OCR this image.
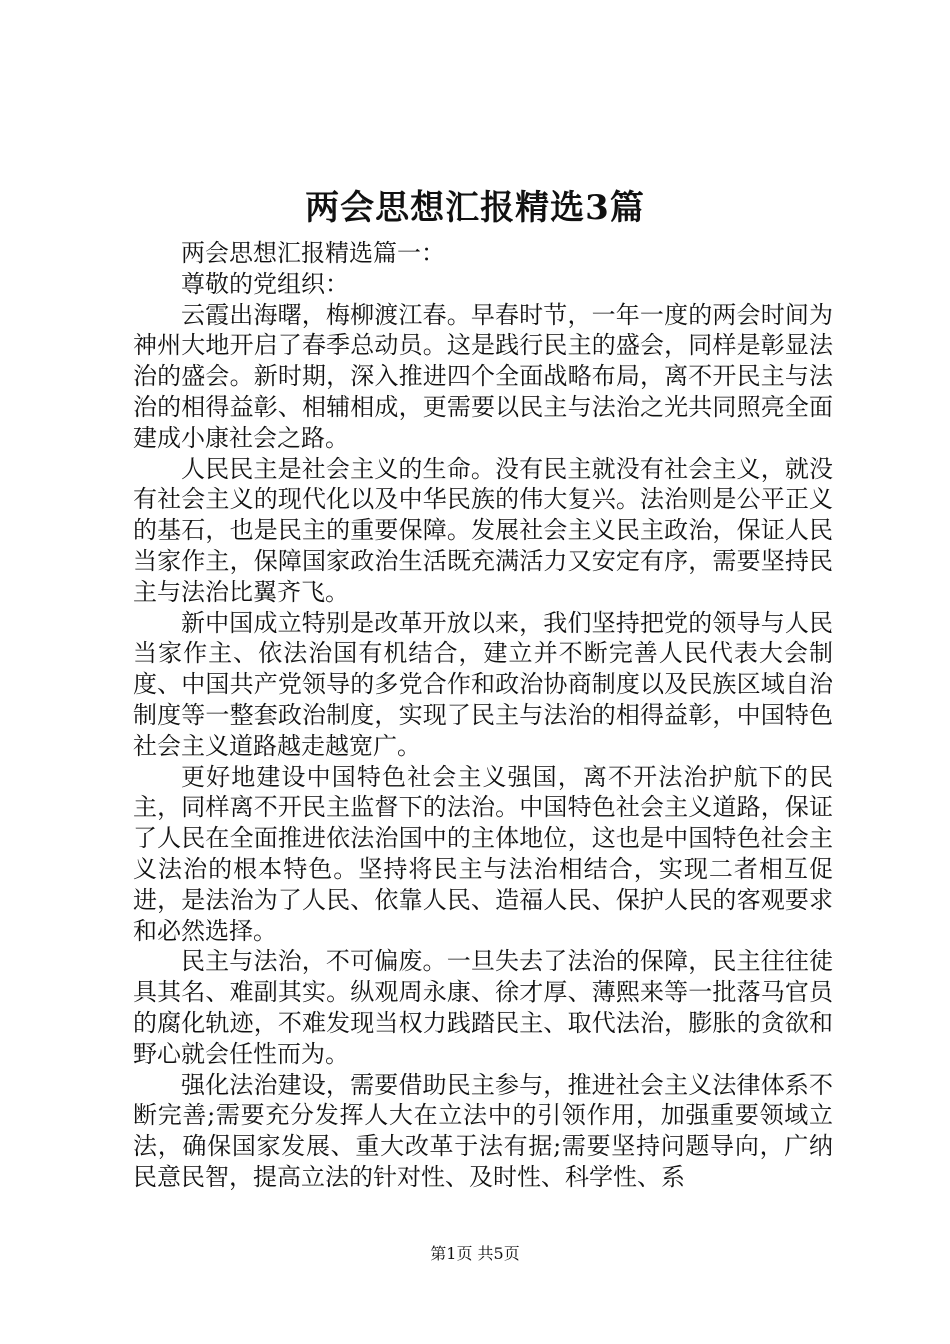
两会思想汇报精选3篇

两会思想汇报精选篇一：

尊敬的党组织：

云霞出海曙，梅柳渡江春。早春时节，一年一度的两会时间为神州大地开启了春季总动员。这是践行民主的盛会，同样是彰显法治的盛会。新时期，深入推进四个全面战略布局，离不开民主与法治的相得益彰、相辅相成，更需要以民主与法治之光共同照亮全面建成小康社会之路。

人民民主是社会主义的生命。没有民主就没有社会主义，就没有社会主义的现代化以及中华民族的伟大复兴。法治则是公平正义的基石，也是民主的重要保障。发展社会主义民主政治，保证人民当家作主，保障国家政治生活既充满活力又安定有序，需要坚持民主与法治比翼齐飞。

新中国成立特别是改革开放以来，我们坚持把党的领导与人民当家作主、依法治国有机结合，建立并不断完善人民代表大会制度、中国共产党领导的多党合作和政治协商制度以及民族区域自治制度等一整套政治制度，实现了民主与法治的相得益彰，中国特色社会主义道路越走越宽广。

更好地建设中国特色社会主义强国，离不开法治护航下的民主，同样离不开民主监督下的法治。中国特色社会主义道路，保证了人民在全面推进依法治国中的主体地位，这也是中国特色社会主义法治的根本特色。坚持将民主与法治相结合，实现二者相互促进，是法治为了人民、依靠人民、造福人民、保护人民的客观要求和必然选择。

民主与法治，不可偏废。一旦失去了法治的保障，民主往往徒具其名、难副其实。纵观周永康、徐才厚、薄熙来等一批落马官员的腐化轨迹，不难发现当权力践踏民主、取代法治，膨胀的贪欲和野心就会任性而为。

强化法治建设，需要借助民主参与，推进社会主义法律体系不断完善;需要充分发挥人大在立法中的引领作用，加强重要领域立法，确保国家发展、重大改革于法有据;需要坚持问题导向，广纳民意民智，提高立法的针对性、及时性、科学性、系

第1页 共5页
